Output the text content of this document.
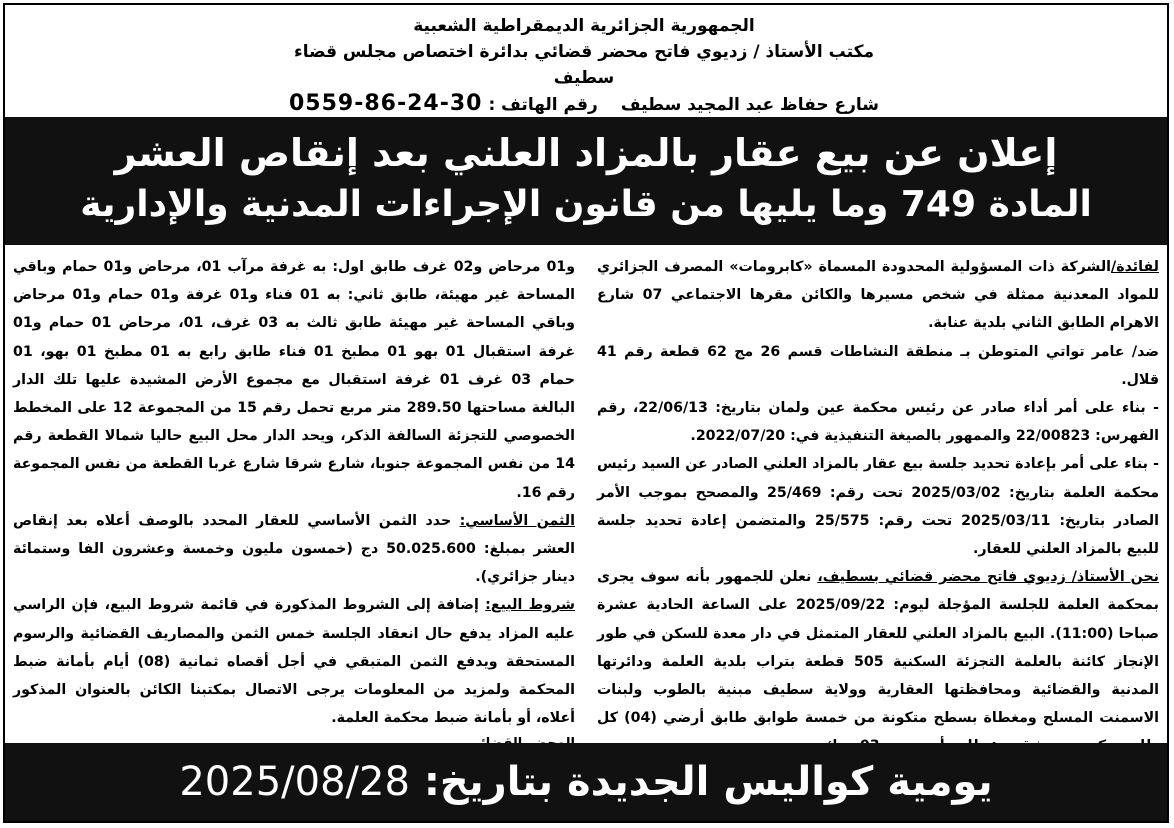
الجمهورية الجزائرية الديمقراطية الشعبية
مكتب الأستاذ / زديوي فاتح محضر قضائي بدائرة اختصاص مجلس قضاء سطيف
شارع حفاظ عبد المجيد سطيف
رقم الهاتف :
0559-86-24-30
إعلان عن بيع عقار بالمزاد العلني بعد إنقاص العشر
المادة 749 وما يليها من قانون الإجراءات المدنية والإدارية

لفائدة/الشركة ذات المسؤولية المحدودة المسماة «كابرومات» المصرف الجزائري للمواد المعدنية ممثلة في شخص مسيرها والكائن مقرها الاجتماعي 07 شارع الاهرام الطابق الثاني بلدية عنابة.

ضد/ عامر تواتي المتوطن بـ منطقة النشاطات قسم 26 مج 62 قطعة رقم 41 قلال.

- بناء على أمر أداء صادر عن رئيس محكمة عين ولمان بتاريخ: 22/06/13، رقم الفهرس: 22/00823 والممهور بالصيغة التنفيذية في: 2022/07/20.

- بناء على أمر بإعادة تحديد جلسة بيع عقار بالمزاد العلني الصادر عن السيد رئيس محكمة العلمة بتاريخ: 2025/03/02 تحت رقم: 25/469 والمصحح بموجب الأمر الصادر بتاريخ: 2025/03/11 تحت رقم: 25/575 والمتضمن إعادة تحديد جلسة للبيع بالمزاد العلني للعقار.

نحن الأستاذ/ زديوي فاتح محضر قضائي بسطيف، نعلن للجمهور بأنه سوف يجرى بمحكمة العلمة للجلسة المؤجلة ليوم: 2025/09/22 على الساعة الحادية عشرة صباحا (11:00). البيع بالمزاد العلني للعقار المتمثل في دار معدة للسكن في طور الإنجاز كائنة بالعلمة التجزئة السكنية 505 قطعة بتراب بلدية العلمة ودائرتها المدنية والقضائية ومحافظتها العقارية وولاية سطيف مبنية بالطوب ولبنات الاسمنت المسلح ومغطاة بسطح متكونة من خمسة طوابق طابق أرضي (04) كل

و01 مرحاض و02 غرف طابق اول: به غرفة مرآب 01، مرحاض و01 حمام وباقي المساحة غير مهيئة، طابق ثاني: به 01 فناء و01 غرفة و01 حمام و01 مرحاض وباقي المساحة غير مهيئة طابق ثالث به 03 غرف، 01، مرحاض 01 حمام و01 غرفة استقبال 01 بهو 01 مطبخ 01 فناء طابق رابع به 01 مطبخ 01 بهو، 01 حمام 03 غرف 01 غرفة استقبال مع مجموع الأرض المشيدة عليها تلك الدار البالغة مساحتها 289.50 متر مربع تحمل رقم 15 من المجموعة 12 على المخطط الخصوصي للتجزئة السالفة الذكر، ويحد الدار محل البيع حاليا شمالا القطعة رقم 14 من نفس المجموعة جنوبا، شارع شرقا شارع غربا القطعة من نفس المجموعة رقم 16.

الثمن الأساسي: حدد الثمن الأساسي للعقار المحدد بالوصف أعلاه بعد إنقاص العشر بمبلغ: 50.025.600 دج (خمسون مليون وخمسة وعشرون الفا وستمائة دينار جزائري).

شروط البيع: إضافة إلى الشروط المذكورة في قائمة شروط البيع، فإن الراسي عليه المزاد يدفع حال انعقاد الجلسة خمس الثمن والمصاريف القضائية والرسوم المستحقة ويدفع الثمن المتبقي في أجل أقصاه ثمانية (08) أيام بأمانة ضبط المحكمة ولمزيد من المعلومات يرجى الاتصال بمكتبنا الكائن بالعنوان المذكور أعلاه، أو بأمانة ضبط محكمة العلمة.

يومية كواليس الجديدة بتاريخ: 2025/08/28
